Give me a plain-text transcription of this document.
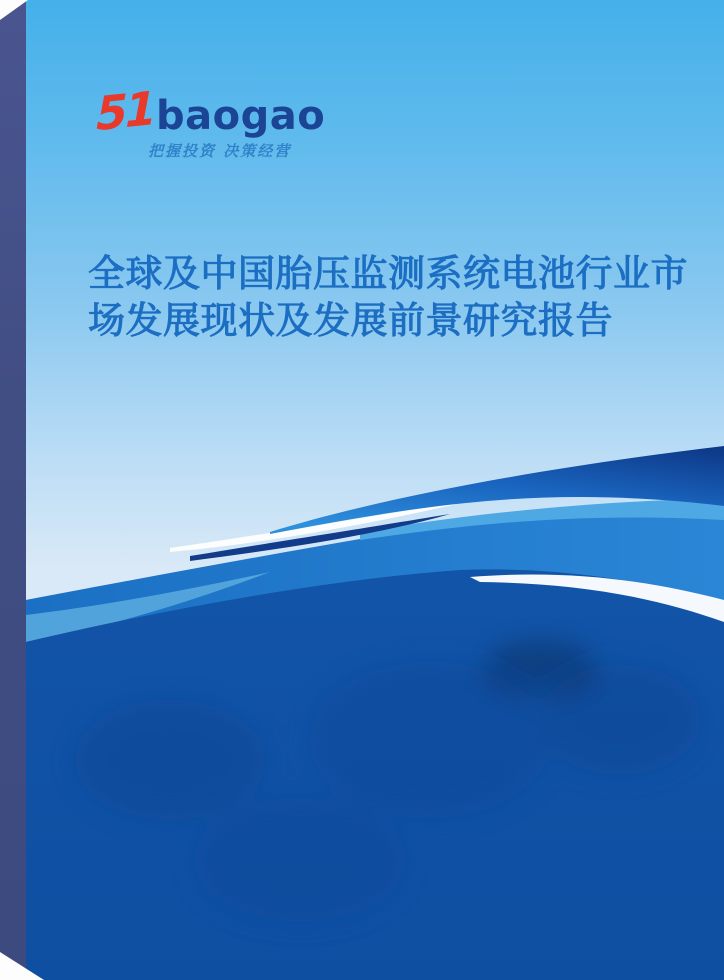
51 baogao
把握投资 决策经营
全球及中国胎压监测系统电池行业市
场发展现状及发展前景研究报告
